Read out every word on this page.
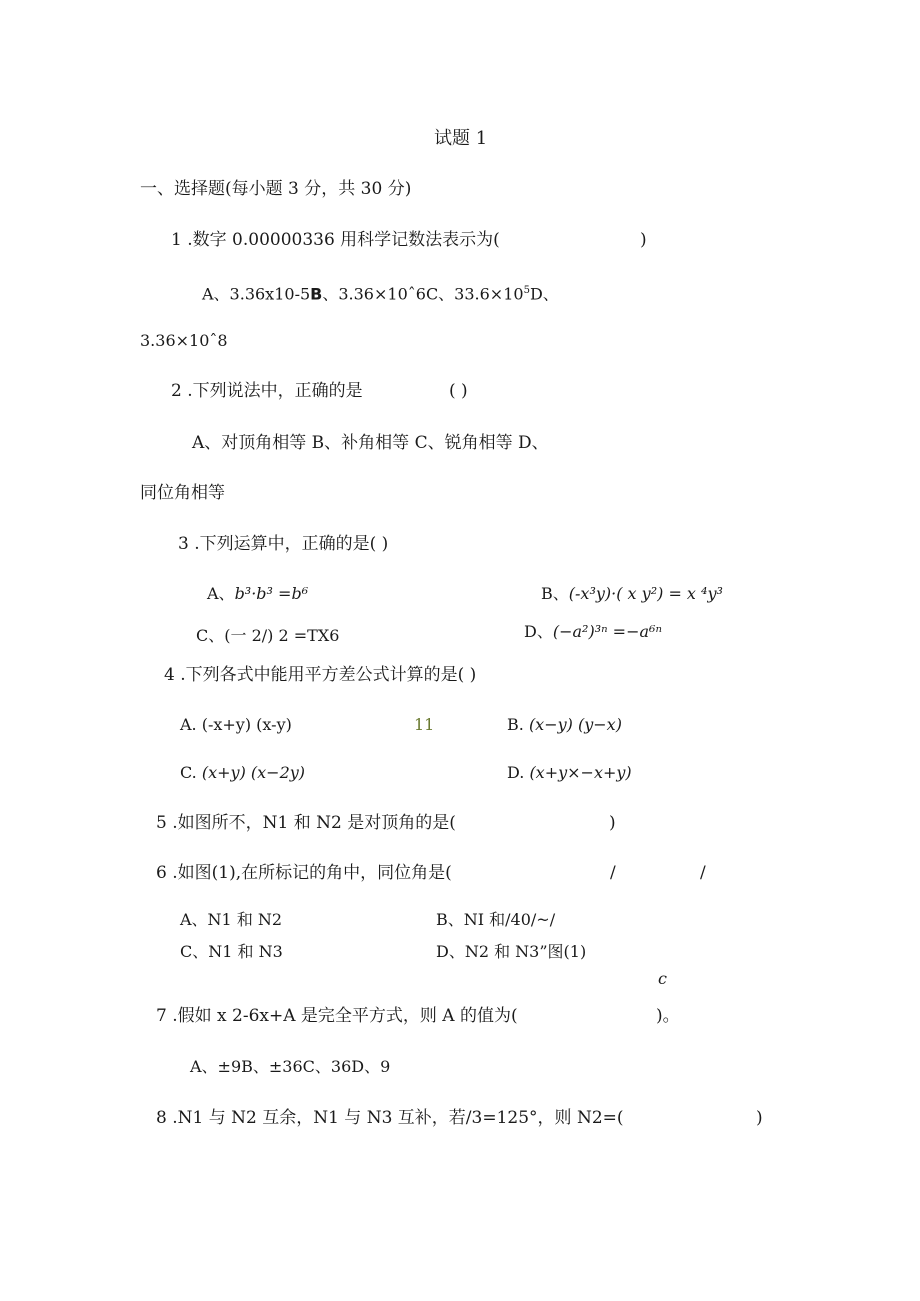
试题 1
一、选择题(每小题 3 分，共 30 分)
1 .数字 0.00000336 用科学记数法表示为(	)
A、3.36x10-5B、3.36×10ˆ6C、$33.6\times 10^5D$、
3.36×10ˆ8
2 .下列说法中，正确的是	( )
A、对顶角相等 B、补角相等 C、锐角相等 D、
同位角相等
3 .下列运算中，正确的是( )
A、b³·b³ =b⁶	B、(-x³y)·( x y²) = x ⁴y³
C、(一 2/) 2 =TX6	D、(−a²)³ⁿ =−a⁶ⁿ
4 .下列各式中能用平方差公式计算的是( )
A. (-x+y) (x-y)	11	B. (x−y) (y−x)
C. (x+y) (x−2y)	D. (x+y×−x+y)
5 .如图所不，N1 和 N2 是对顶角的是(	)
6 .如图(1),在所标记的角中，同位角是(	/	/
A、N1 和 N2	B、NI 和/40/~/
C、N1 和 N3	D、N2 和 N3”图(1)
c
7 .假如 x 2-6x+A 是完全平方式，则 A 的值为(	)。
A、±9B、±36C、36D、9
8 .N1 与 N2 互余，N1 与 N3 互补，若/3=125°，则 N2=(	)
